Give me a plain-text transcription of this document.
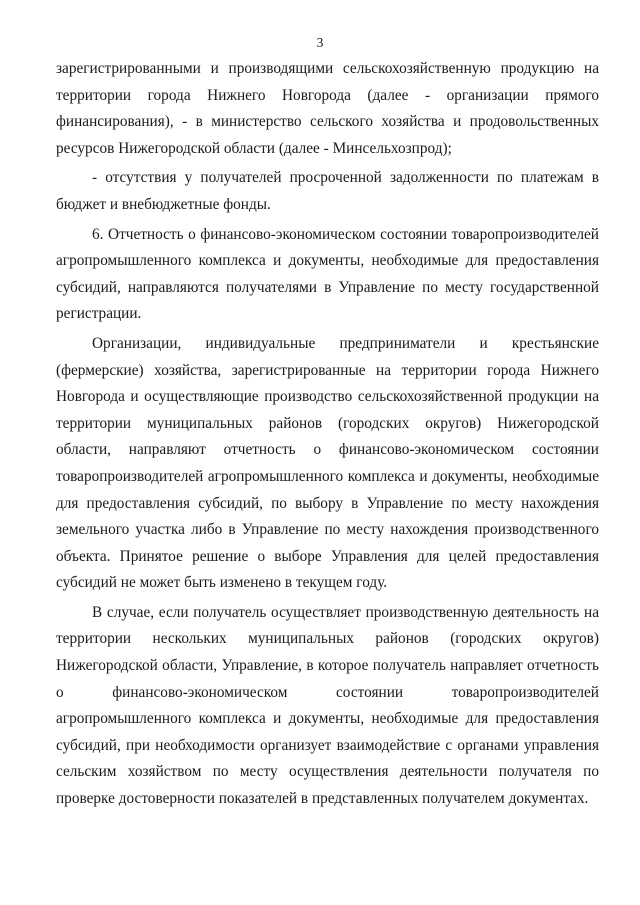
3
зарегистрированными и производящими сельскохозяйственную продукцию на
территории города Нижнего Новгорода (далее - организации прямого
финансирования), - в министерство сельского хозяйства и продовольственных
ресурсов Нижегородской области (далее - Минсельхозпрод);
- отсутствия у получателей просроченной задолженности по платежам в
бюджет и внебюджетные фонды.
6. Отчетность о финансово-экономическом состоянии товаропроизводителей
агропромышленного комплекса и документы, необходимые для предоставления
субсидий, направляются получателями в Управление по месту государственной
регистрации.
Организации, индивидуальные предприниматели и крестьянские
(фермерские) хозяйства, зарегистрированные на территории города Нижнего
Новгорода и осуществляющие производство сельскохозяйственной продукции на
территории муниципальных районов (городских округов) Нижегородской
области, направляют отчетность о финансово-экономическом состоянии
товаропроизводителей агропромышленного комплекса и документы, необходимые
для предоставления субсидий, по выбору в Управление по месту нахождения
земельного участка либо в Управление по месту нахождения производственного
объекта. Принятое решение о выборе Управления для целей предоставления
субсидий не может быть изменено в текущем году.
В случае, если получатель осуществляет производственную деятельность на
территории нескольких муниципальных районов (городских округов)
Нижегородской области, Управление, в которое получатель направляет отчетность
о финансово-экономическом состоянии товаропроизводителей
агропромышленного комплекса и документы, необходимые для предоставления
субсидий, при необходимости организует взаимодействие с органами управления
сельским хозяйством по месту осуществления деятельности получателя по
проверке достоверности показателей в представленных получателем документах.
